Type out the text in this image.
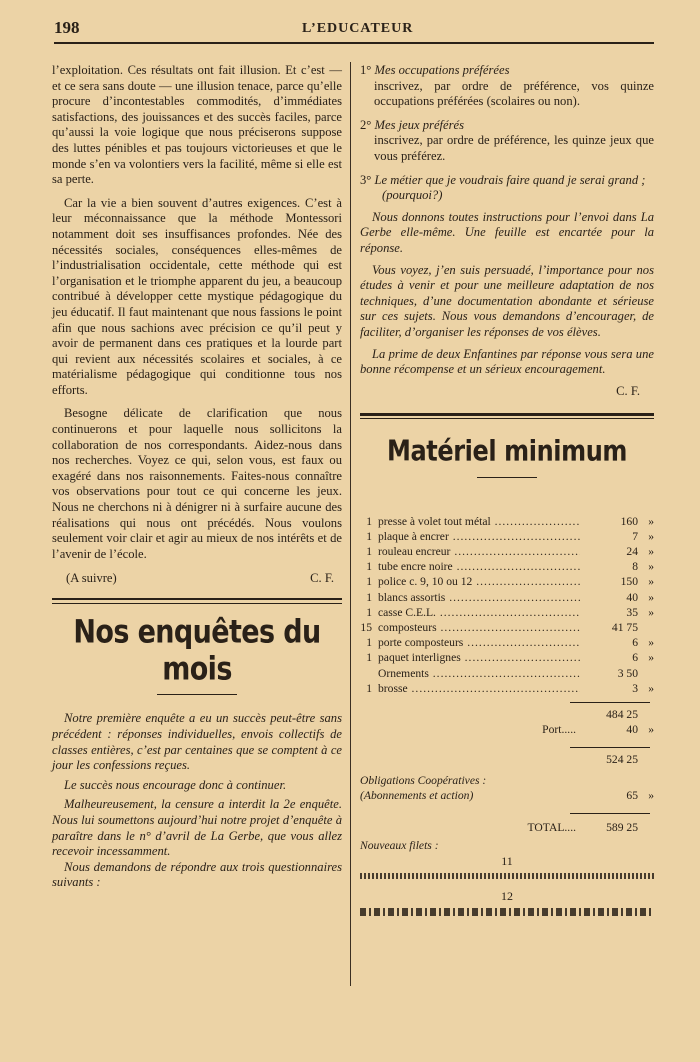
198	L’EDUCATEUR

l’exploitation. Ces résultats ont fait illusion. Et c’est — et ce sera sans doute — une illusion tenace, parce qu’elle procure d’incontestables commodités, d’immédiates satisfactions, des jouissances et des succès faciles, parce qu’aussi la voie logique que nous préciserons suppose des luttes pénibles et pas toujours victorieuses et que le monde s’en va volontiers vers la facilité, même si elle est sa perte.

Car la vie a bien souvent d’autres exigences. C’est à leur méconnaissance que la méthode Montessori notamment doit ses insuffisances profondes. Née des nécessités sociales, conséquences elles-mêmes de l’industrialisation occidentale, cette méthode qui est l’organisation et le triomphe apparent du jeu, a beaucoup contribué à développer cette mystique pédagogique du jeu éducatif. Il faut maintenant que nous fassions le point afin que nous sachions avec précision ce qu’il peut y avoir de permanent dans ces pratiques et la lourde part qui revient aux nécessités scolaires et sociales, à ce matérialisme pédagogique qui conditionne tous nos efforts.

Besogne délicate de clarification que nous continuerons et pour laquelle nous sollicitons la collaboration de nos correspondants. Aidez-nous dans nos recherches. Voyez ce qui, selon vous, est faux ou exagéré dans nos raisonnements. Faites-nous connaître vos observations pour tout ce qui concerne les jeux. Nous ne cherchons ni à dénigrer ni à surfaire aucune des réalisations qui nous ont précédés. Nous voulons seulement voir clair et agir au mieux de nos intérêts et de l’avenir de l’école.

(A suivre)	C. F.
Nos enquêtes du mois

Notre première enquête a eu un succès peut-être sans précédent : réponses individuelles, envois collectifs de classes entières, c’est par centaines que se comptent à ce jour les confessions reçues.

Le succès nous encourage donc à continuer.

Malheureusement, la censure a interdit la 2e enquête. Nous lui soumettons aujourd’hui notre projet d’enquête à paraître dans le n° d’avril de La Gerbe, que vous allez recevoir incessamment.

Nous demandons de répondre aux trois questionnaires suivants :

1° Mes occupations préférées
inscrivez, par ordre de préférence, vos quinze occupations préférées (scolaires ou non).
2° Mes jeux préférés
inscrivez, par ordre de préférence, les quinze jeux que vous préférez.
3° Le métier que je voudrais faire quand je serai grand ; (pourquoi?)

Nous donnons toutes instructions pour l’envoi dans La Gerbe elle-même. Une feuille est encartée pour la réponse.

Vous voyez, j’en suis persuadé, l’importance pour nos études à venir et pour une meilleure adaptation de nos techniques, d’une documentation abondante et sérieuse sur ces sujets. Nous vous demandons d’encourager, de faciliter, d’organiser les réponses de vos élèves.

La prime de deux Enfantines par réponse vous sera une bonne récompense et un sérieux encouragement.

C. F.
Matériel minimum
1 presse à volet tout métal .....	160 »
1 plaque à encrer .....	7 »
1 rouleau encreur .....	24 »
1 tube encre noire .....	8 »
1 police c. 9, 10 ou 12 .....	150 »
1 blancs assortis .....	40 »
1 casse C.E.L. .....	35 »
15 composteurs .....	41 75
1 porte composteurs .....	6 »
1 paquet interlignes .....	6 »
Ornements .....	3 50
1 brosse .....	3 »
484 25
Port.....	40 »
524 25
Obligations Coopératives : (Abonnements et action)	65 »
TOTAL....	589 25
Nouveaux filets :
11
12
